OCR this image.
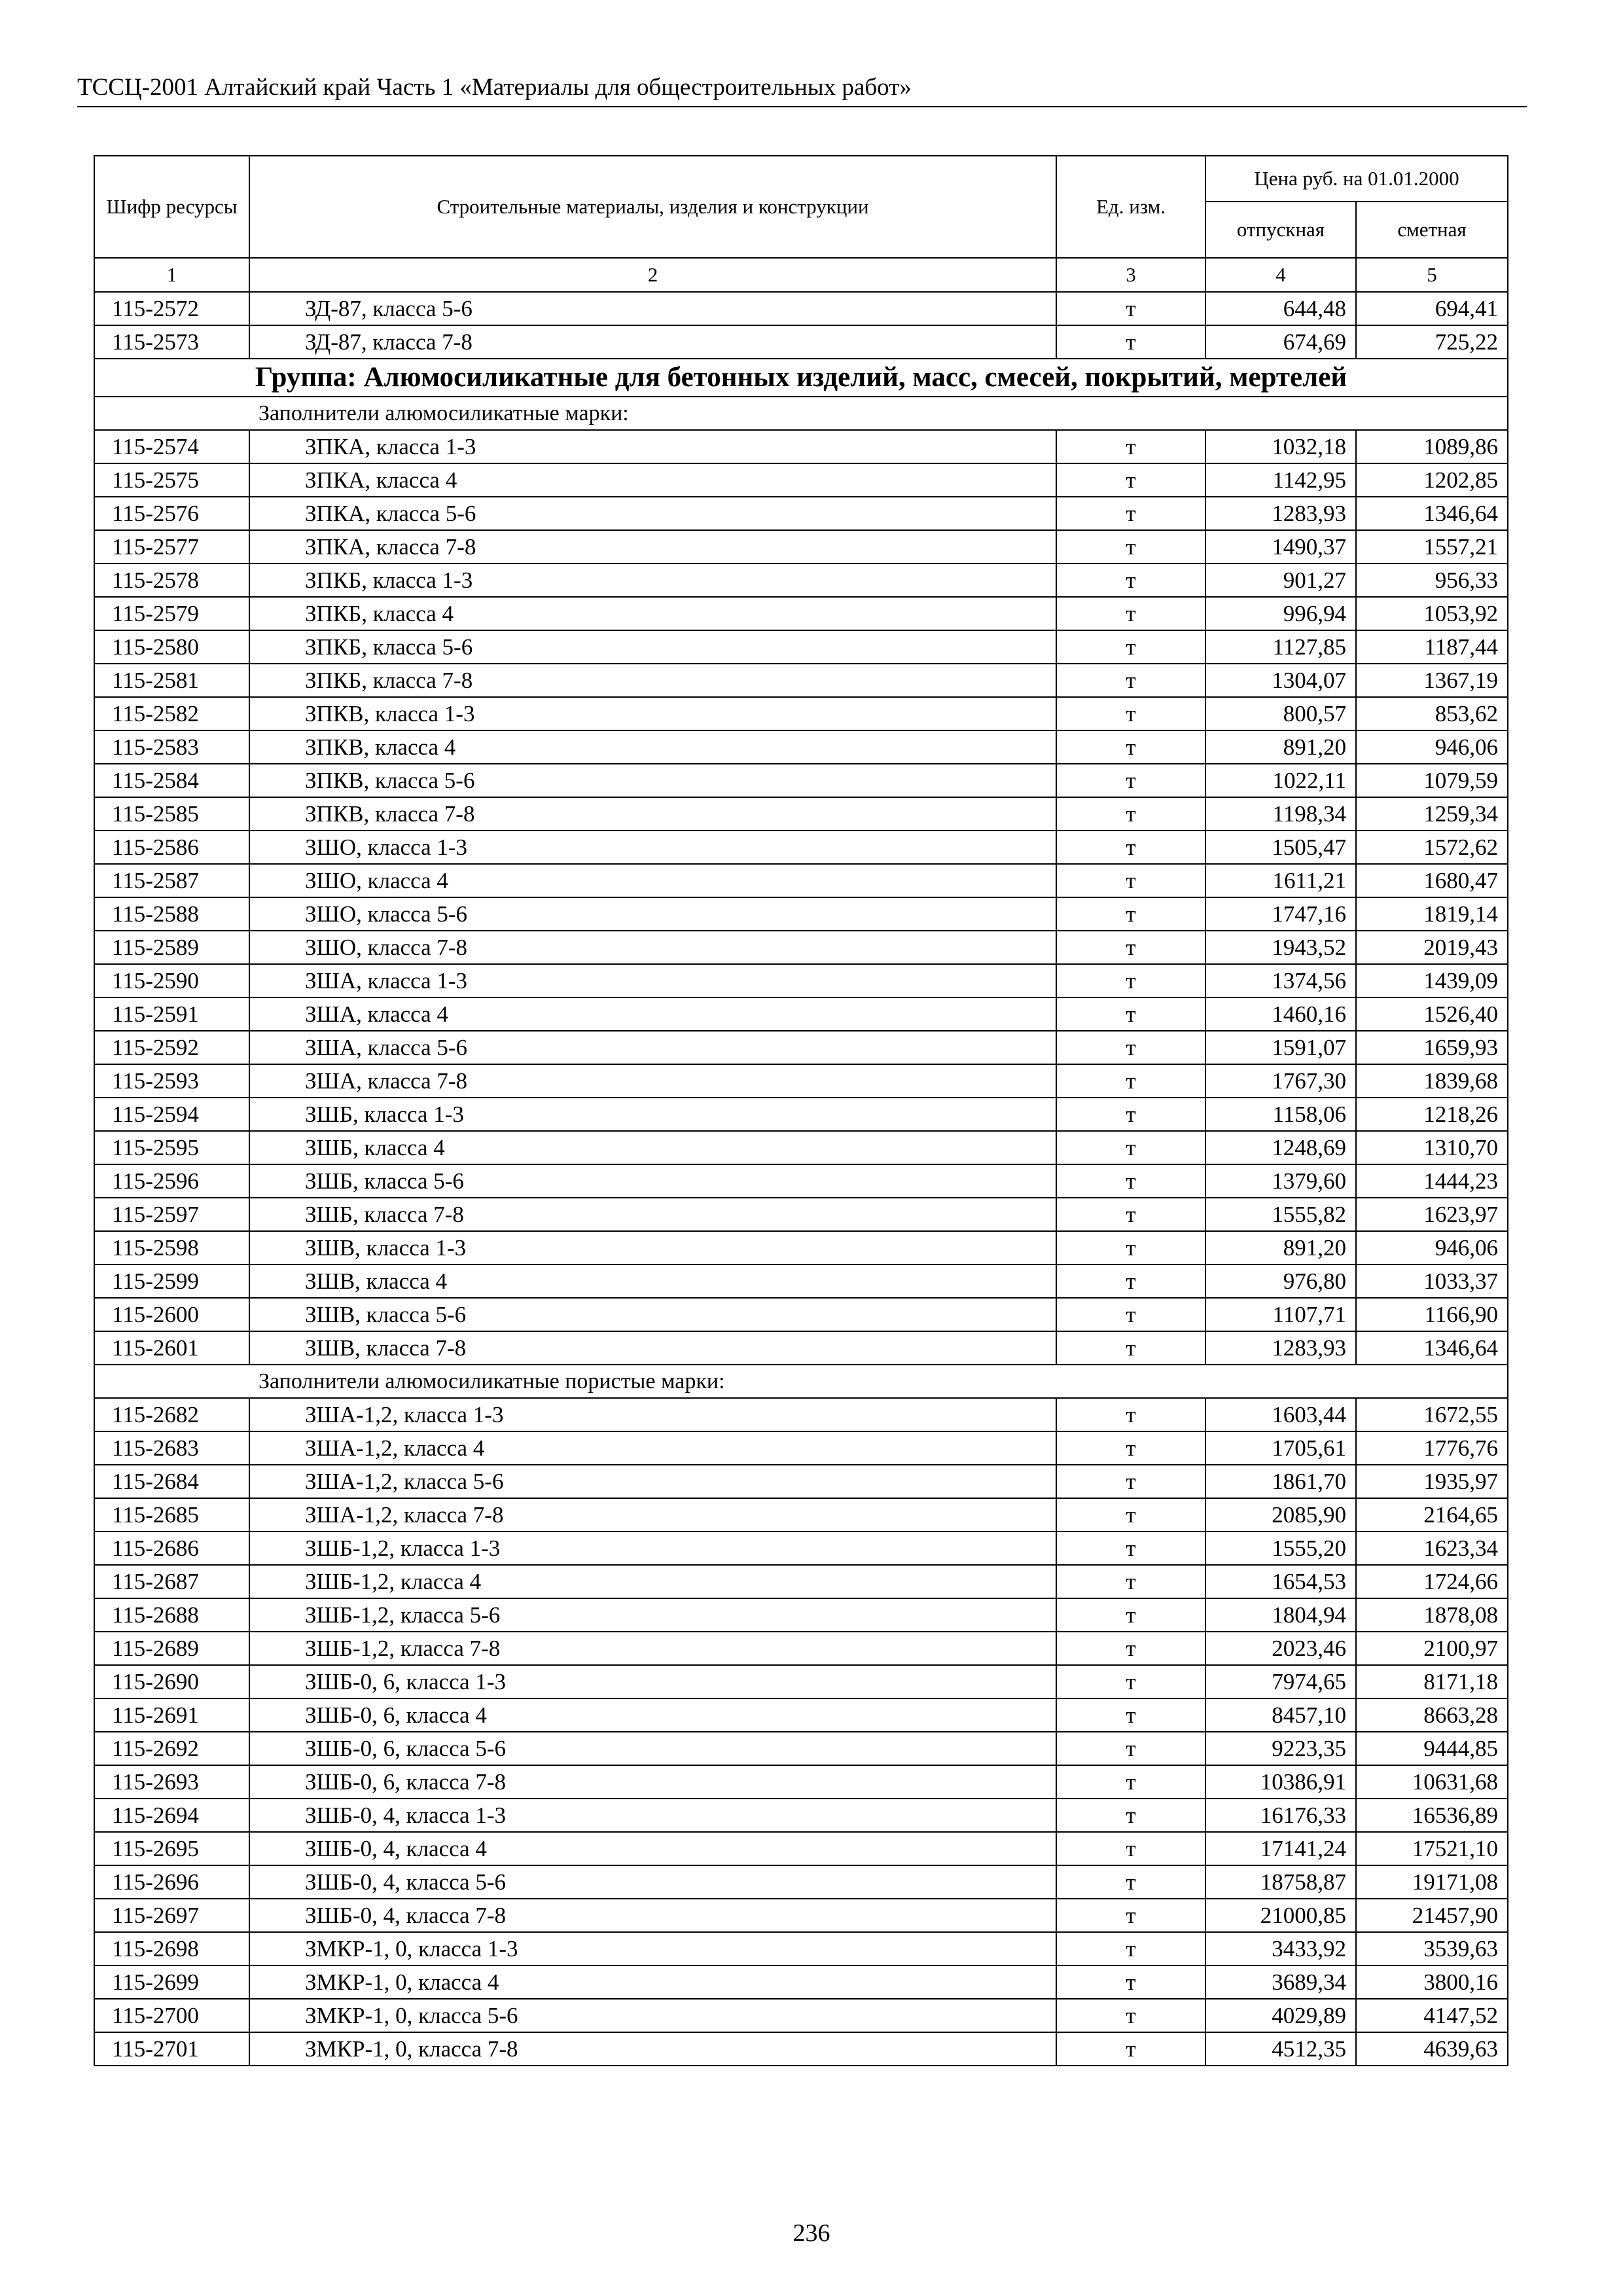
ТССЦ-2001 Алтайский край Часть 1 «Материалы для общестроительных работ»
Шифр ресурсы	Строительные материалы, изделия и конструкции	Ед. изм.	Цена руб. на 01.01.2000	
			отпускная	сметная
1	2	3	4	5
115-2572	ЗД-87, класса 5-6	т	644,48	694,41
115-2573	ЗД-87, класса 7-8	т	674,69	725,22
Группа: Алюмосиликатные для бетонных изделий, масс, смесей, покрытий, мертелей				
Заполнители алюмосиликатные марки:				
115-2574	ЗПКА, класса 1-3	т	1032,18	1089,86
115-2575	ЗПКА, класса 4	т	1142,95	1202,85
115-2576	ЗПКА, класса 5-6	т	1283,93	1346,64
115-2577	ЗПКА, класса 7-8	т	1490,37	1557,21
115-2578	ЗПКБ, класса 1-3	т	901,27	956,33
115-2579	ЗПКБ, класса 4	т	996,94	1053,92
115-2580	ЗПКБ, класса 5-6	т	1127,85	1187,44
115-2581	ЗПКБ, класса 7-8	т	1304,07	1367,19
115-2582	ЗПКВ, класса 1-3	т	800,57	853,62
115-2583	ЗПКВ, класса 4	т	891,20	946,06
115-2584	ЗПКВ, класса 5-6	т	1022,11	1079,59
115-2585	ЗПКВ, класса 7-8	т	1198,34	1259,34
115-2586	ЗШО, класса 1-3	т	1505,47	1572,62
115-2587	ЗШО, класса 4	т	1611,21	1680,47
115-2588	ЗШО, класса 5-6	т	1747,16	1819,14
115-2589	ЗШО, класса 7-8	т	1943,52	2019,43
115-2590	ЗША, класса 1-3	т	1374,56	1439,09
115-2591	ЗША, класса 4	т	1460,16	1526,40
115-2592	ЗША, класса 5-6	т	1591,07	1659,93
115-2593	ЗША, класса 7-8	т	1767,30	1839,68
115-2594	ЗШБ, класса 1-3	т	1158,06	1218,26
115-2595	ЗШБ, класса 4	т	1248,69	1310,70
115-2596	ЗШБ, класса 5-6	т	1379,60	1444,23
115-2597	ЗШБ, класса 7-8	т	1555,82	1623,97
115-2598	ЗШВ, класса 1-3	т	891,20	946,06
115-2599	ЗШВ, класса 4	т	976,80	1033,37
115-2600	ЗШВ, класса 5-6	т	1107,71	1166,90
115-2601	ЗШВ, класса 7-8	т	1283,93	1346,64
Заполнители алюмосиликатные пористые марки:				
115-2682	ЗША-1,2, класса 1-3	т	1603,44	1672,55
115-2683	ЗША-1,2, класса 4	т	1705,61	1776,76
115-2684	ЗША-1,2, класса 5-6	т	1861,70	1935,97
115-2685	ЗША-1,2, класса 7-8	т	2085,90	2164,65
115-2686	ЗШБ-1,2, класса 1-3	т	1555,20	1623,34
115-2687	ЗШБ-1,2, класса 4	т	1654,53	1724,66
115-2688	ЗШБ-1,2, класса 5-6	т	1804,94	1878,08
115-2689	ЗШБ-1,2, класса 7-8	т	2023,46	2100,97
115-2690	ЗШБ-0, 6, класса 1-3	т	7974,65	8171,18
115-2691	ЗШБ-0, 6, класса 4	т	8457,10	8663,28
115-2692	ЗШБ-0, 6, класса 5-6	т	9223,35	9444,85
115-2693	ЗШБ-0, 6, класса 7-8	т	10386,91	10631,68
115-2694	ЗШБ-0, 4, класса 1-3	т	16176,33	16536,89
115-2695	ЗШБ-0, 4, класса 4	т	17141,24	17521,10
115-2696	ЗШБ-0, 4, класса 5-6	т	18758,87	19171,08
115-2697	ЗШБ-0, 4, класса 7-8	т	21000,85	21457,90
115-2698	ЗМКР-1, 0, класса 1-3	т	3433,92	3539,63
115-2699	ЗМКР-1, 0, класса 4	т	3689,34	3800,16
115-2700	ЗМКР-1, 0, класса 5-6	т	4029,89	4147,52
115-2701	ЗМКР-1, 0, класса 7-8	т	4512,35	4639,63
236
